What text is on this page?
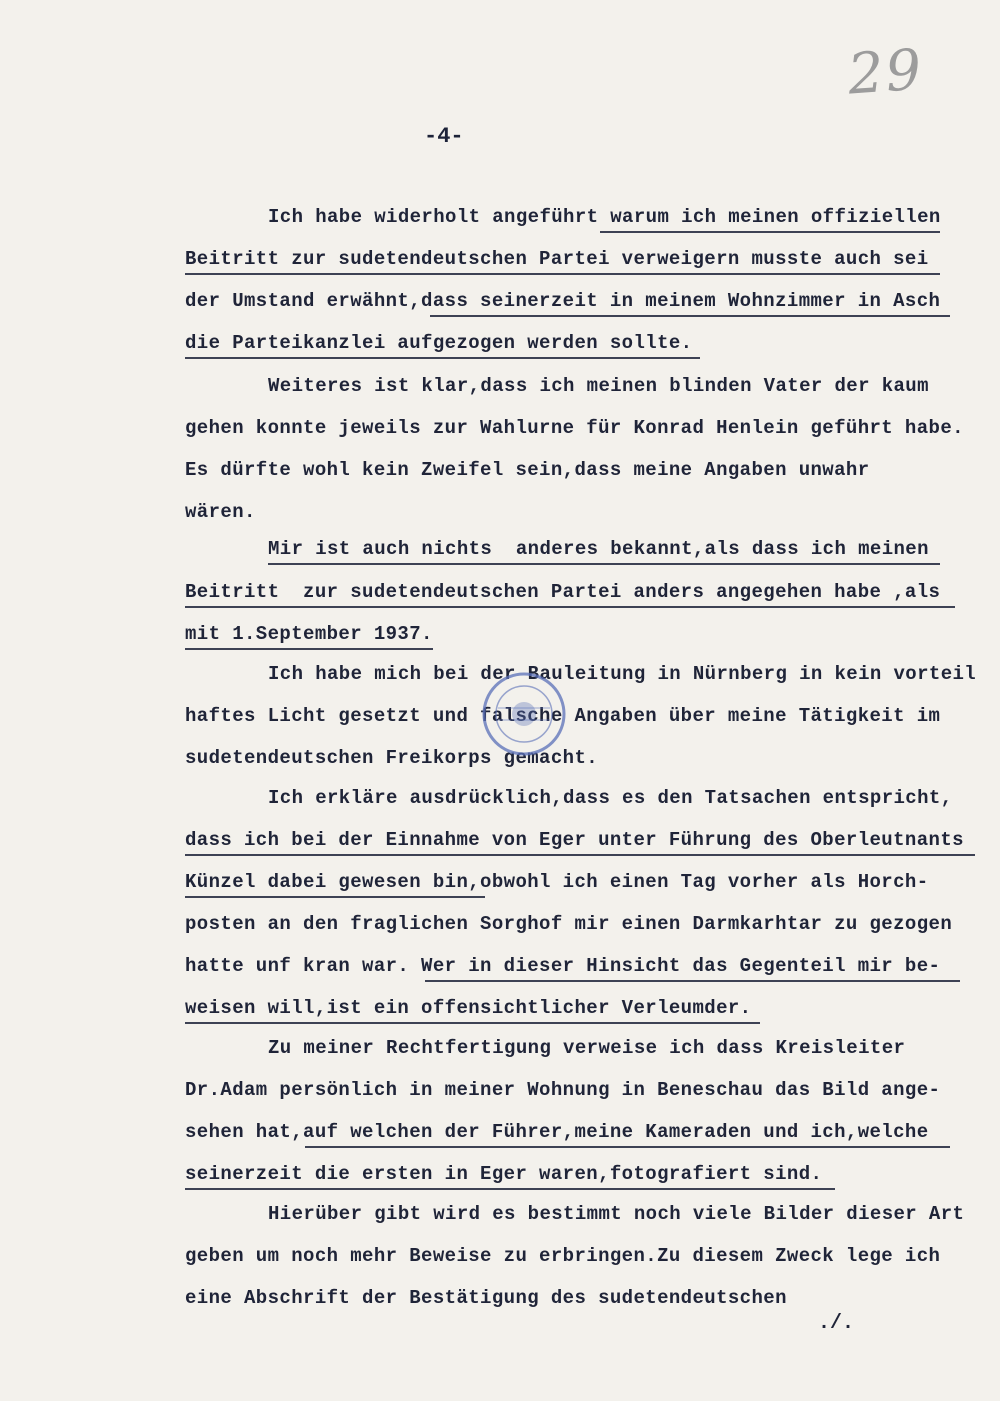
29
-4-
Ich habe widerholt angeführt warum ich meinen offiziellen
Beitritt zur sudetendeutschen Partei verweigern musste auch sei
der Umstand erwähnt,dass seinerzeit in meinem Wohnzimmer in Asch
die Parteikanzlei aufgezogen werden sollte.
Weiteres ist klar,dass ich meinen blinden Vater der kaum
gehen konnte jeweils zur Wahlurne für Konrad Henlein geführt habe.
Es dürfte wohl kein Zweifel sein,dass meine Angaben unwahr
wären.
Mir ist auch nichts  anderes bekannt,als dass ich meinen
Beitritt  zur sudetendeutschen Partei anders angegehen habe ,als
mit 1.September 1937.
Ich habe mich bei der Bauleitung in Nürnberg in kein vorteil
haftes Licht gesetzt und falsche Angaben über meine Tätigkeit im
sudetendeutschen Freikorps gemacht.
Ich erkläre ausdrücklich,dass es den Tatsachen entspricht,
dass ich bei der Einnahme von Eger unter Führung des Oberleutnants
Künzel dabei gewesen bin,obwohl ich einen Tag vorher als Horch-
posten an den fraglichen Sorghof mir einen Darmkarhtar zu gezogen
hatte unf kran war. Wer in dieser Hinsicht das Gegenteil mir be-
weisen will,ist ein offensichtlicher Verleumder.
Zu meiner Rechtfertigung verweise ich dass Kreisleiter
Dr.Adam persönlich in meiner Wohnung in Beneschau das Bild ange-
sehen hat,auf welchen der Führer,meine Kameraden und ich,welche
seinerzeit die ersten in Eger waren,fotografiert sind.
Hierüber gibt wird es bestimmt noch viele Bilder dieser Art
geben um noch mehr Beweise zu erbringen.Zu diesem Zweck lege ich
eine Abschrift der Bestätigung des sudetendeutschen
./.
